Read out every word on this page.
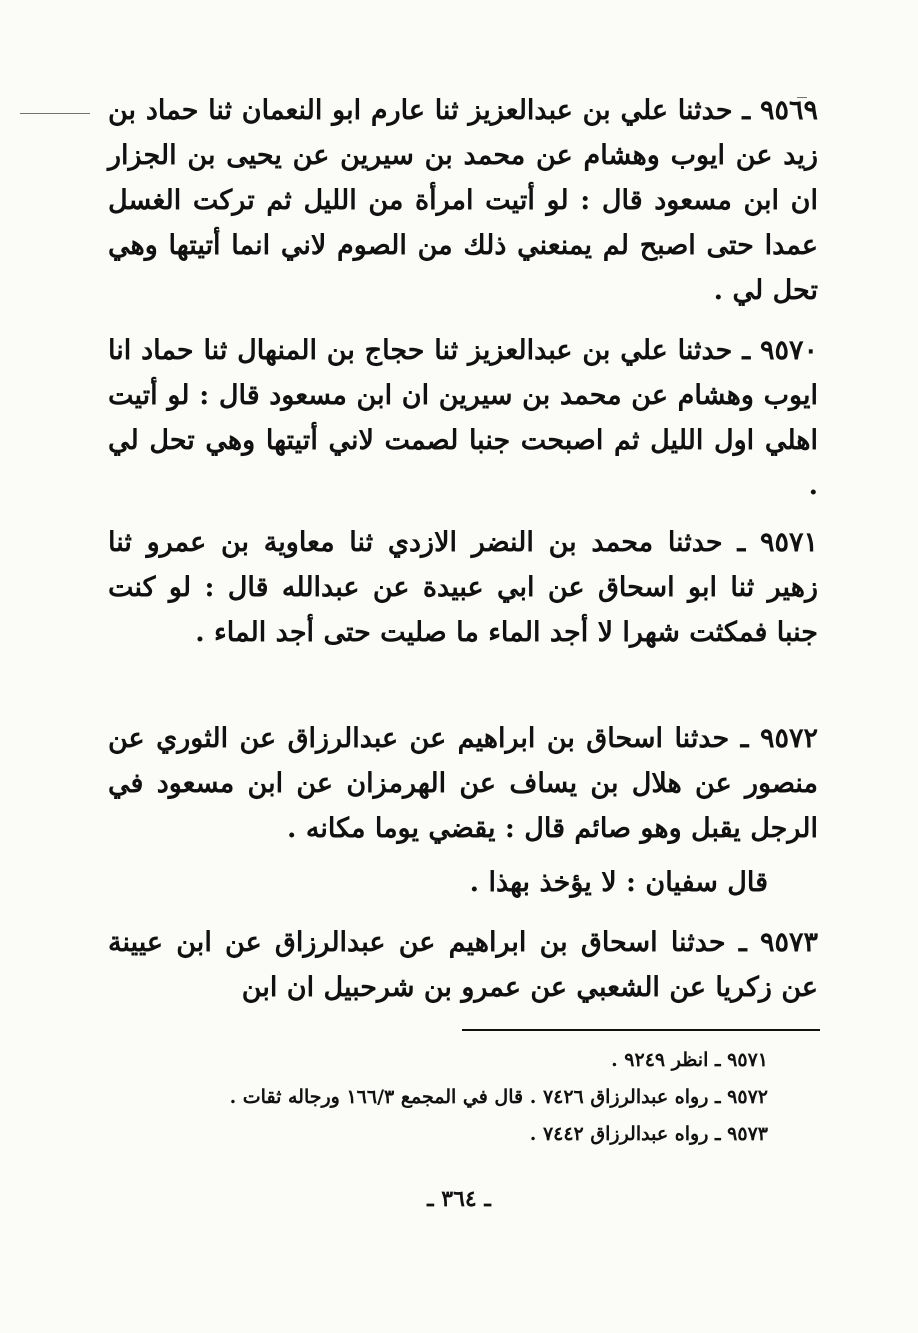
٩٥٦٩ ـ حدثنا علي بن عبدالعزيز ثنا عارم ابو النعمان ثنا حماد بن زيد عن ايوب وهشام عن محمد بن سيرين عن يحيى بن الجزار ان ابن مسعود قال : لو أتيت امرأة من الليل ثم تركت الغسل عمدا حتى اصبح لم يمنعني ذلك من الصوم لاني انما أتيتها وهي تحل لي .

٩٥٧٠ ـ حدثنا علي بن عبدالعزيز ثنا حجاج بن المنهال ثنا حماد انا ايوب وهشام عن محمد بن سيرين ان ابن مسعود قال : لو أتيت اهلي اول الليل ثم اصبحت جنبا لصمت لاني أتيتها وهي تحل لي .

٩٥٧١ ـ حدثنا محمد بن النضر الازدي ثنا معاوية بن عمرو ثنا زهير ثنا ابو اسحاق عن ابي عبيدة عن عبدالله قال : لو كنت جنبا فمكثت شهرا لا أجد الماء ما صليت حتى أجد الماء .

٩٥٧٢ ـ حدثنا اسحاق بن ابراهيم عن عبدالرزاق عن الثوري عن منصور عن هلال بن يساف عن الهرمزان عن ابن مسعود في الرجل يقبل وهو صائم قال : يقضي يوما مكانه .

قال سفيان : لا يؤخذ بهذا .

٩٥٧٣ ـ حدثنا اسحاق بن ابراهيم عن عبدالرزاق عن ابن عيينة عن زكريا عن الشعبي عن عمرو بن شرحبيل ان ابن

٩٥٧١ ـ انظر ٩٢٤٩ .
٩٥٧٢ ـ رواه عبدالرزاق ٧٤٢٦ . قال في المجمع ١٦٦/٣ ورجاله ثقات .
٩٥٧٣ ـ رواه عبدالرزاق ٧٤٤٢ .
ـ ٣٦٤ ـ
